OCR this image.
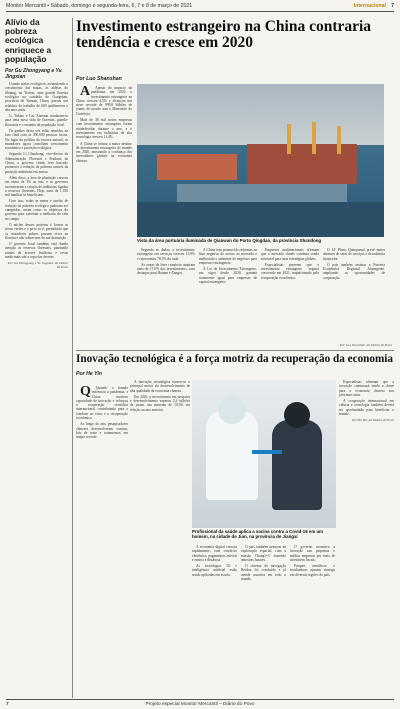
Monitor Mercantil ▪ Sábado, domingo e segunda-feira, 6, 7 e 8 de março de 2021	Internacional 7
Alívio da pobreza ecológica enriquece a população
Por Gu Zhongyang e Yu Jingxian

Usando meios ecológicos, estimulando o crescimento das matas, as aldeias do Shuang, na Yizhou, uma grande floresta ecológica no condado de Gongshan, província de Yunnan, China, passou um relatório de trabalho de 600 quilômetros e dez anos atrás.

Li Yabiao e Liu Xiaonan mudaram-se para uma nova vida de florestas, guarda-florestais e o sustento da população local.

Os ganhos dessa vez estão reunidos na fase final com as 390.000 pessoas locais. No lugar da política da reserva natural, os moradores agora conciliam crescimento econômico e proteção ecológica.

Segundo Li Chunhong, vice-diretor da Administração Florestal e Pradaria da China, o governo chinês tem buscado promover a redução da pobreza através da proteção ambiental em massa.

Além disso, a área de plantação cresceu em ritmo de 3% ao ano, e os governos incentivaram a criação de indústrias ligadas a recursos florestais. Hoje, mais de 1.100 mil famílias se beneficiam.

Com isso, todas as metas e tarefas de redução da pobreza ecológica puderam ser cumpridas, assim como os objetivos do governo para sustentar a melhoria da vida no campo.

O núcleo desses projetos é 'tornar as terras verdes e o povo rico', permitindo que os moradores pobres possam viver na floresta e não sobreviver da sua destruição.

O governo local também está dando atenção às reservas florestais, plantando mudas de árvores frutíferas e ervas medicinais sob a copa das árvores.

Por Gu Zhongyang e Yu Jingxian, do Diário do Povo
Investimento estrangeiro na China contraria tendência e cresce em 2020
Por Luo Shanshan

A Apesar do impacto da pandemia, em 2020, o investimento estrangeiro na China cresceu 4,5% e alcançou um novo recorde de 999,8 bilhões de yuans, de acordo com o Ministério do Comércio.

Mais de 38 mil novas empresas com investimento estrangeiro foram estabelecidas durante o ano, e o investimento em indústrias de alta tecnologia cresceu 11,4%.

A China se tornou o maior destino de investimento estrangeiro do mundo em 2020, mostrando a confiança dos investidores globais na economia chinesa.

Vista da área portuária iluminada de Qianwan do Porto Qingdao, da província Shandong

Segundo os dados, o investimento estrangeiro em serviços cresceu 13,9% e representou 78,5% do total.

As zonas de livre comércio atraíram mais de 17,6% dos investimentos, com destaque para Hainan e Xangai.

A China tem promovido reformas na lista negativa de acesso ao mercado e melhorado o ambiente de negócios para empresas estrangeiras.

A Lei de Investimento Estrangeiro, em vigor desde 2020, garante tratamento igual para empresas de capital estrangeiro.

Empresas multinacionais afirmam que o mercado chinês continua sendo essencial para suas estratégias globais.

Especialistas preveem que o investimento estrangeiro seguirá crescendo em 2021, impulsionado pela recuperação econômica.

O 14º Plano Quinquenal prevê maior abertura do setor de serviços e da indústria financeira.

O país também assinou a Parceria Econômica Regional Abrangente, ampliando as oportunidades de cooperação.

Por Luo Shanshan, do Diário do Povo
Inovação tecnológica é a força motriz da recuperação da economia
Por He Yin

Q Quando o mundo enfrentou a pandemia, a China mostrou capacidade de inovação e reforçou a cooperação científica internacional, contribuindo para o combate ao vírus e a recuperação econômica.

Ao longo do ano, pesquisadores chineses desenvolveram vacinas, kits de teste e tratamentos em tempo recorde.

A inovação tecnológica tornou-se o principal motor do desenvolvimento de alta qualidade da economia chinesa.

Em 2020, o investimento em pesquisa e desenvolvimento superou 2,4 trilhões de yuans, um aumento de 10,3% em relação ao ano anterior.

Profissional da saúde aplica a vacina contra a Covid-19 em um homem, na cidade de Jian, na província de Jiangxi

A economia digital cresceu rapidamente, com comércio eletrônico, pagamentos móveis e ensino a distância.

As tecnologias 5G e inteligência artificial estão sendo aplicadas em escala.

O país também avançou na exploração espacial, com a missão Chang'e-5 trazendo amostras lunares.

O sistema de navegação Beidou foi concluído e já atende usuários em todo o mundo.

O governo incentiva a inovação nas pequenas e médias empresas por meio de incentivos fiscais.

Parques científicos e incubadoras apoiam startups em diversas regiões do país.

Especialistas afirmam que a inovação continuará sendo a chave para a economia chinesa nos próximos anos.

A cooperação internacional em ciência e tecnologia também deverá ser aprofundada para beneficiar o mundo.

Por He Yin, do Diário do Povo
7	Projeto especial Monitor Mercantil – Diário do Povo
